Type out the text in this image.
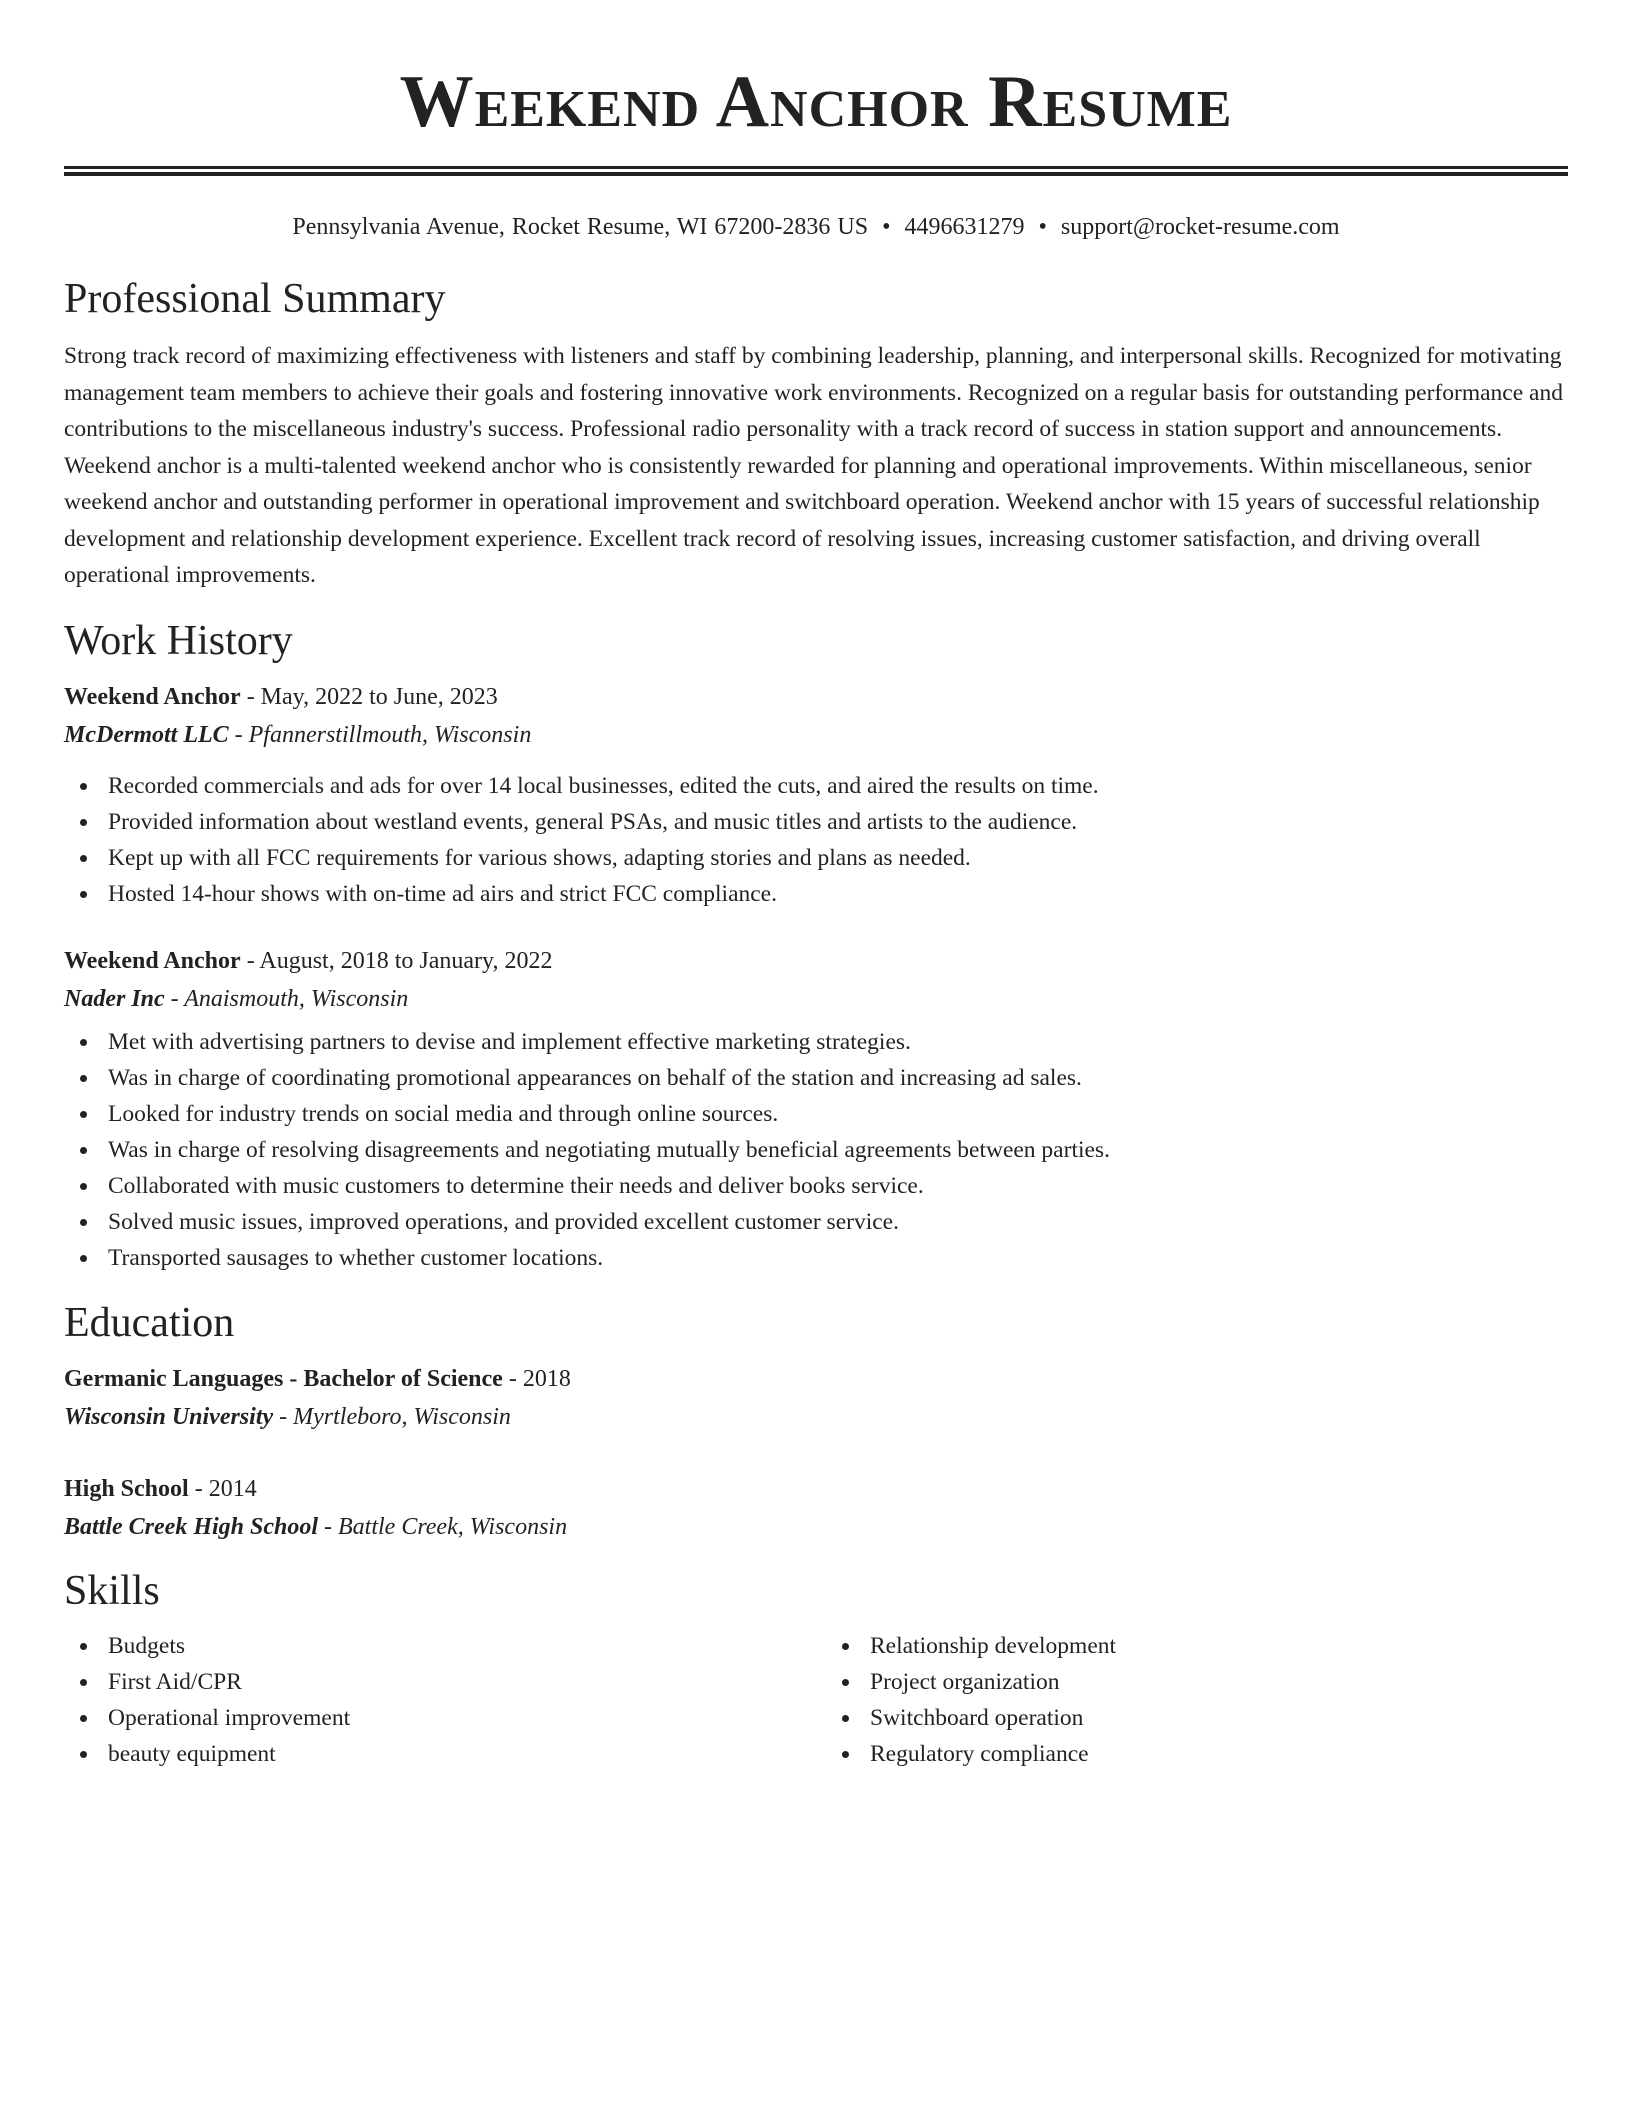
Weekend Anchor Resume
Pennsylvania Avenue, Rocket Resume, WI 67200-2836 US • 4496631279 • support@rocket-resume.com
Professional Summary

Strong track record of maximizing effectiveness with listeners and staff by combining leadership, planning, and interpersonal skills. Recognized for motivating management team members to achieve their goals and fostering innovative work environments. Recognized on a regular basis for outstanding performance and contributions to the miscellaneous industry's success. Professional radio personality with a track record of success in station support and announcements. Weekend anchor is a multi-talented weekend anchor who is consistently rewarded for planning and operational improvements. Within miscellaneous, senior weekend anchor and outstanding performer in operational improvement and switchboard operation. Weekend anchor with 15 years of successful relationship development and relationship development experience. Excellent track record of resolving issues, increasing customer satisfaction, and driving overall operational improvements.

Work History

Weekend Anchor - May, 2022 to June, 2023

McDermott LLC - Pfannerstillmouth, Wisconsin

Recorded commercials and ads for over 14 local businesses, edited the cuts, and aired the results on time.
Provided information about westland events, general PSAs, and music titles and artists to the audience.
Kept up with all FCC requirements for various shows, adapting stories and plans as needed.
Hosted 14-hour shows with on-time ad airs and strict FCC compliance.

Weekend Anchor - August, 2018 to January, 2022

Nader Inc - Anaismouth, Wisconsin

Met with advertising partners to devise and implement effective marketing strategies.
Was in charge of coordinating promotional appearances on behalf of the station and increasing ad sales.
Looked for industry trends on social media and through online sources.
Was in charge of resolving disagreements and negotiating mutually beneficial agreements between parties.
Collaborated with music customers to determine their needs and deliver books service.
Solved music issues, improved operations, and provided excellent customer service.
Transported sausages to whether customer locations.
Education

Germanic Languages - Bachelor of Science - 2018

Wisconsin University - Myrtleboro, Wisconsin

High School - 2014

Battle Creek High School - Battle Creek, Wisconsin

Skills
Budgets
First Aid/CPR
Operational improvement
beauty equipment
Relationship development
Project organization
Switchboard operation
Regulatory compliance
